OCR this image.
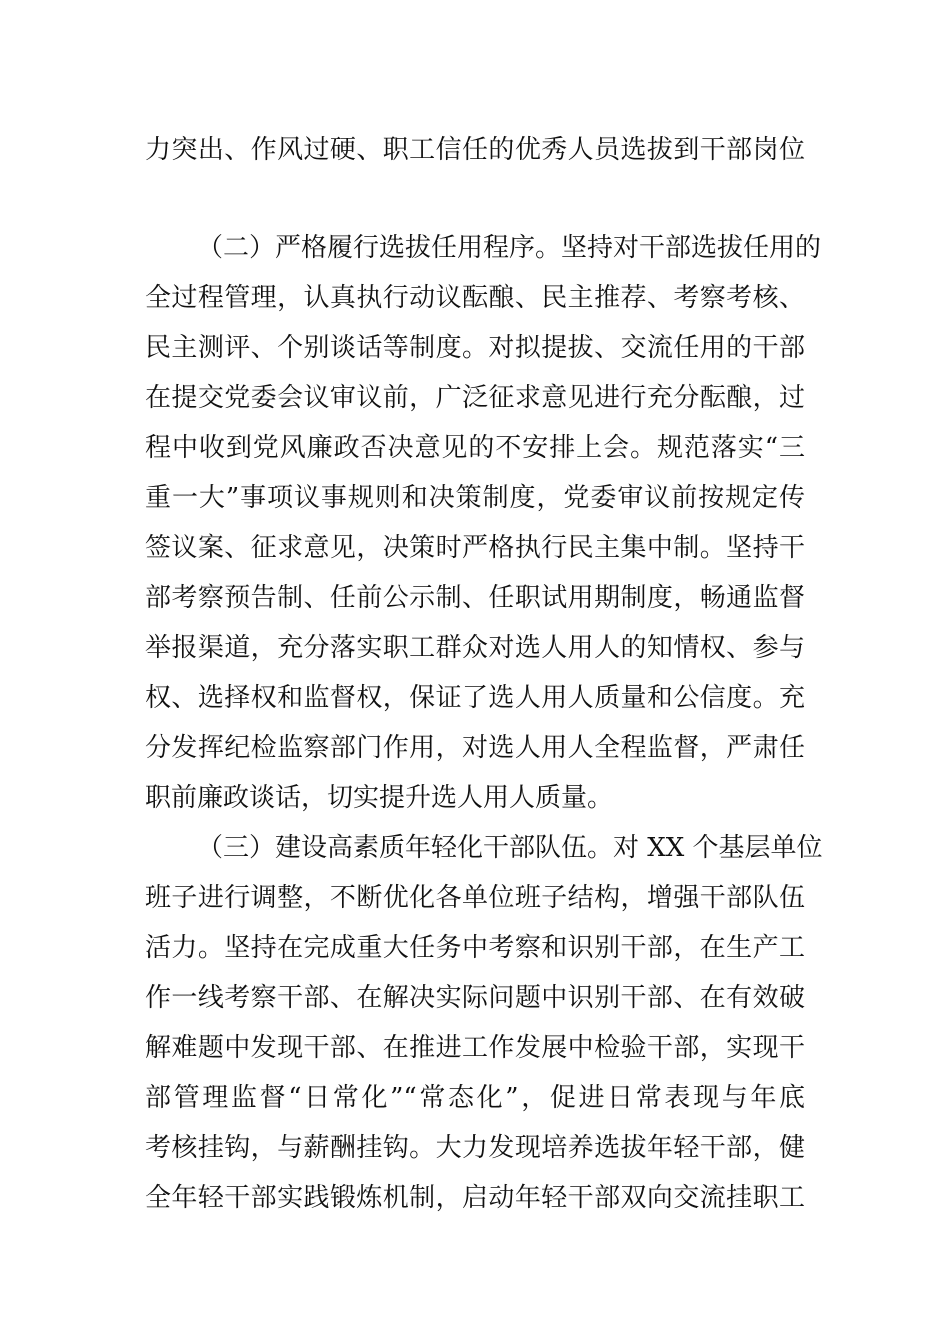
力突出、作风过硬、职工信任的优秀人员选拔到干部岗位
（二）严格履行选拔任用程序。坚持对干部选拔任用的
全过程管理，认真执行动议酝酿、民主推荐、考察考核、
民主测评、个别谈话等制度。对拟提拔、交流任用的干部
在提交党委会议审议前，广泛征求意见进行充分酝酿，过
程中收到党风廉政否决意见的不安排上会。规范落实“三
重一大”事项议事规则和决策制度，党委审议前按规定传
签议案、征求意见，决策时严格执行民主集中制。坚持干
部考察预告制、任前公示制、任职试用期制度，畅通监督
举报渠道，充分落实职工群众对选人用人的知情权、参与
权、选择权和监督权，保证了选人用人质量和公信度。充
分发挥纪检监察部门作用，对选人用人全程监督，严肃任
职前廉政谈话，切实提升选人用人质量。
（三）建设高素质年轻化干部队伍。对 XX 个基层单位
班子进行调整，不断优化各单位班子结构，增强干部队伍
活力。坚持在完成重大任务中考察和识别干部，在生产工
作一线考察干部、在解决实际问题中识别干部、在有效破
解难题中发现干部、在推进工作发展中检验干部，实现干
部管理监督“日常化”“常态化”，促进日常表现与年底
考核挂钩，与薪酬挂钩。大力发现培养选拔年轻干部，健
全年轻干部实践锻炼机制，启动年轻干部双向交流挂职工
